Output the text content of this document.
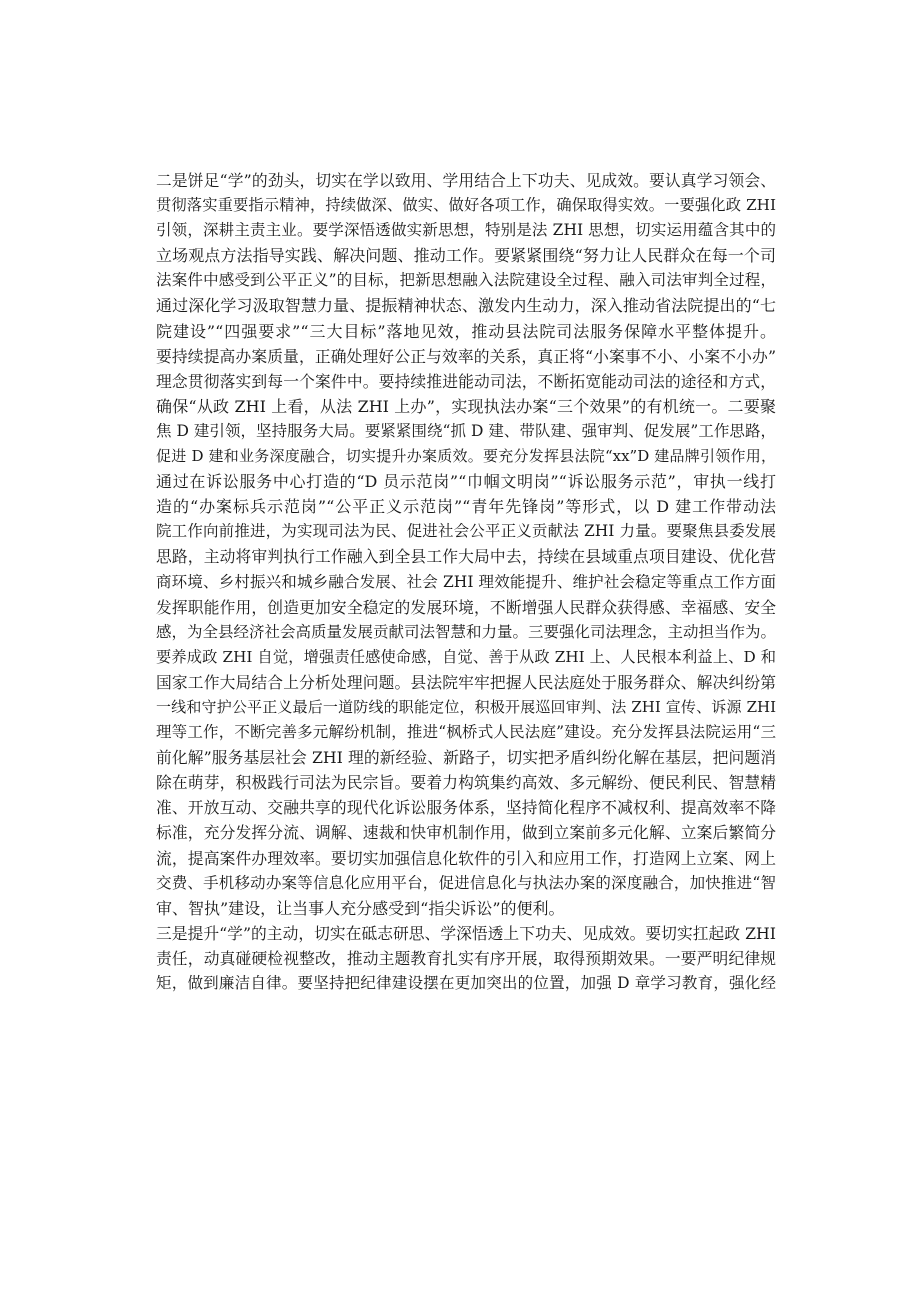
二是饼足“学”的劲头，切实在学以致用、学用结合上下功夫、见成效。要认真学习领会、
贯彻落实重要指示精神，持续做深、做实、做好各项工作，确保取得实效。一要强化政 ZHI
引领，深耕主责主业。要学深悟透做实新思想，特别是法 ZHI 思想，切实运用蕴含其中的
立场观点方法指导实践、解决问题、推动工作。要紧紧围绕“努力让人民群众在每一个司
法案件中感受到公平正义”的目标，把新思想融入法院建设全过程、融入司法审判全过程，
通过深化学习汲取智慧力量、提振精神状态、激发内生动力，深入推动省法院提出的“七
院建设”“四强要求”“三大目标”落地见效，推动县法院司法服务保障水平整体提升。
要持续提高办案质量，正确处理好公正与效率的关系，真正将“小案事不小、小案不小办”
理念贯彻落实到每一个案件中。要持续推进能动司法，不断拓宽能动司法的途径和方式，
确保“从政 ZHI 上看，从法 ZHI 上办”，实现执法办案“三个效果”的有机统一。二要聚
焦 D 建引领，坚持服务大局。要紧紧围绕“抓 D 建、带队建、强审判、促发展”工作思路，
促进 D 建和业务深度融合，切实提升办案质效。要充分发挥县法院“xx”D 建品牌引领作用，
通过在诉讼服务中心打造的“D 员示范岗”“巾帼文明岗”“诉讼服务示范”，审执一线打
造的“办案标兵示范岗”“公平正义示范岗”“青年先锋岗”等形式，以 D 建工作带动法
院工作向前推进，为实现司法为民、促进社会公平正义贡献法 ZHI 力量。要聚焦县委发展
思路，主动将审判执行工作融入到全县工作大局中去，持续在县域重点项目建设、优化营
商环境、乡村振兴和城乡融合发展、社会 ZHI 理效能提升、维护社会稳定等重点工作方面
发挥职能作用，创造更加安全稳定的发展环境，不断增强人民群众获得感、幸福感、安全
感，为全县经济社会高质量发展贡献司法智慧和力量。三要强化司法理念，主动担当作为。
要养成政 ZHI 自觉，增强责任感使命感，自觉、善于从政 ZHI 上、人民根本利益上、D 和
国家工作大局结合上分析处理问题。县法院牢牢把握人民法庭处于服务群众、解决纠纷第
一线和守护公平正义最后一道防线的职能定位，积极开展巡回审判、法 ZHI 宣传、诉源 ZHI
理等工作，不断完善多元解纷机制，推进“枫桥式人民法庭”建设。充分发挥县法院运用“三
前化解”服务基层社会 ZHI 理的新经验、新路子，切实把矛盾纠纷化解在基层，把问题消
除在萌芽，积极践行司法为民宗旨。要着力构筑集约高效、多元解纷、便民利民、智慧精
准、开放互动、交融共享的现代化诉讼服务体系，坚持简化程序不减权利、提高效率不降
标准，充分发挥分流、调解、速裁和快审机制作用，做到立案前多元化解、立案后繁简分
流，提高案件办理效率。要切实加强信息化软件的引入和应用工作，打造网上立案、网上
交费、手机移动办案等信息化应用平台，促进信息化与执法办案的深度融合，加快推进“智
审、智执”建设，让当事人充分感受到“指尖诉讼”的便利。
三是提升“学”的主动，切实在砥志研思、学深悟透上下功夫、见成效。要切实扛起政 ZHI
责任，动真碰硬检视整改，推动主题教育扎实有序开展，取得预期效果。一要严明纪律规
矩，做到廉洁自律。要坚持把纪律建设摆在更加突出的位置，加强 D 章学习教育，强化经
